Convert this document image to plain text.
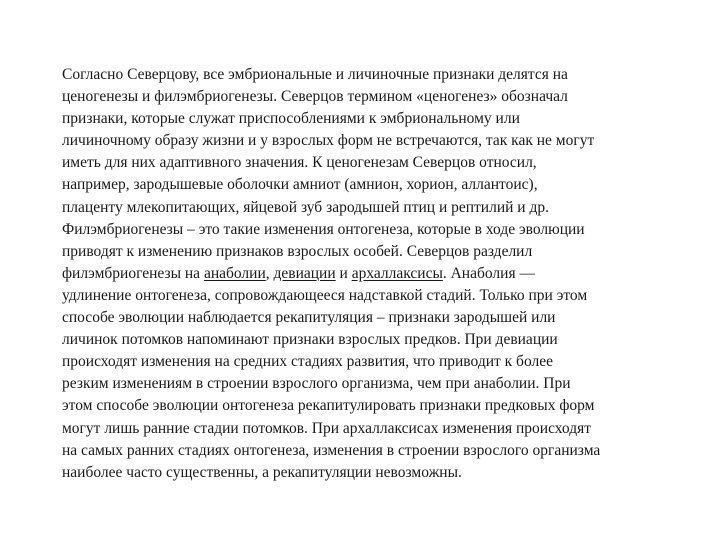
Согласно Северцову, все эмбриональные и личиночные признаки делятся на
ценогенезы и филэмбриогенезы. Северцов термином «ценогенез» обозначал
признаки, которые служат приспособлениями к эмбриональному или
личиночному образу жизни и у взрослых форм не встречаются, так как не могут
иметь для них адаптивного значения. К ценогенезам Северцов относил,
например, зародышевые оболочки амниот (амнион, хорион, аллантоис),
плаценту млекопитающих, яйцевой зуб зародышей птиц и рептилий и др.
Филэмбриогенезы – это такие изменения онтогенеза, которые в ходе эволюции
приводят к изменению признаков взрослых особей. Северцов разделил
филэмбриогенезы на анаболии, девиации и архаллаксисы. Анаболия —
удлинение онтогенеза, сопровождающееся надставкой стадий. Только при этом
способе эволюции наблюдается рекапитуляция – признаки зародышей или
личинок потомков напоминают признаки взрослых предков. При девиации
происходят изменения на средних стадиях развития, что приводит к более
резким изменениям в строении взрослого организма, чем при анаболии. При
этом способе эволюции онтогенеза рекапитулировать признаки предковых форм
могут лишь ранние стадии потомков. При архаллаксисах изменения происходят
на самых ранних стадиях онтогенеза, изменения в строении взрослого организма
наиболее часто существенны, а рекапитуляции невозможны.
